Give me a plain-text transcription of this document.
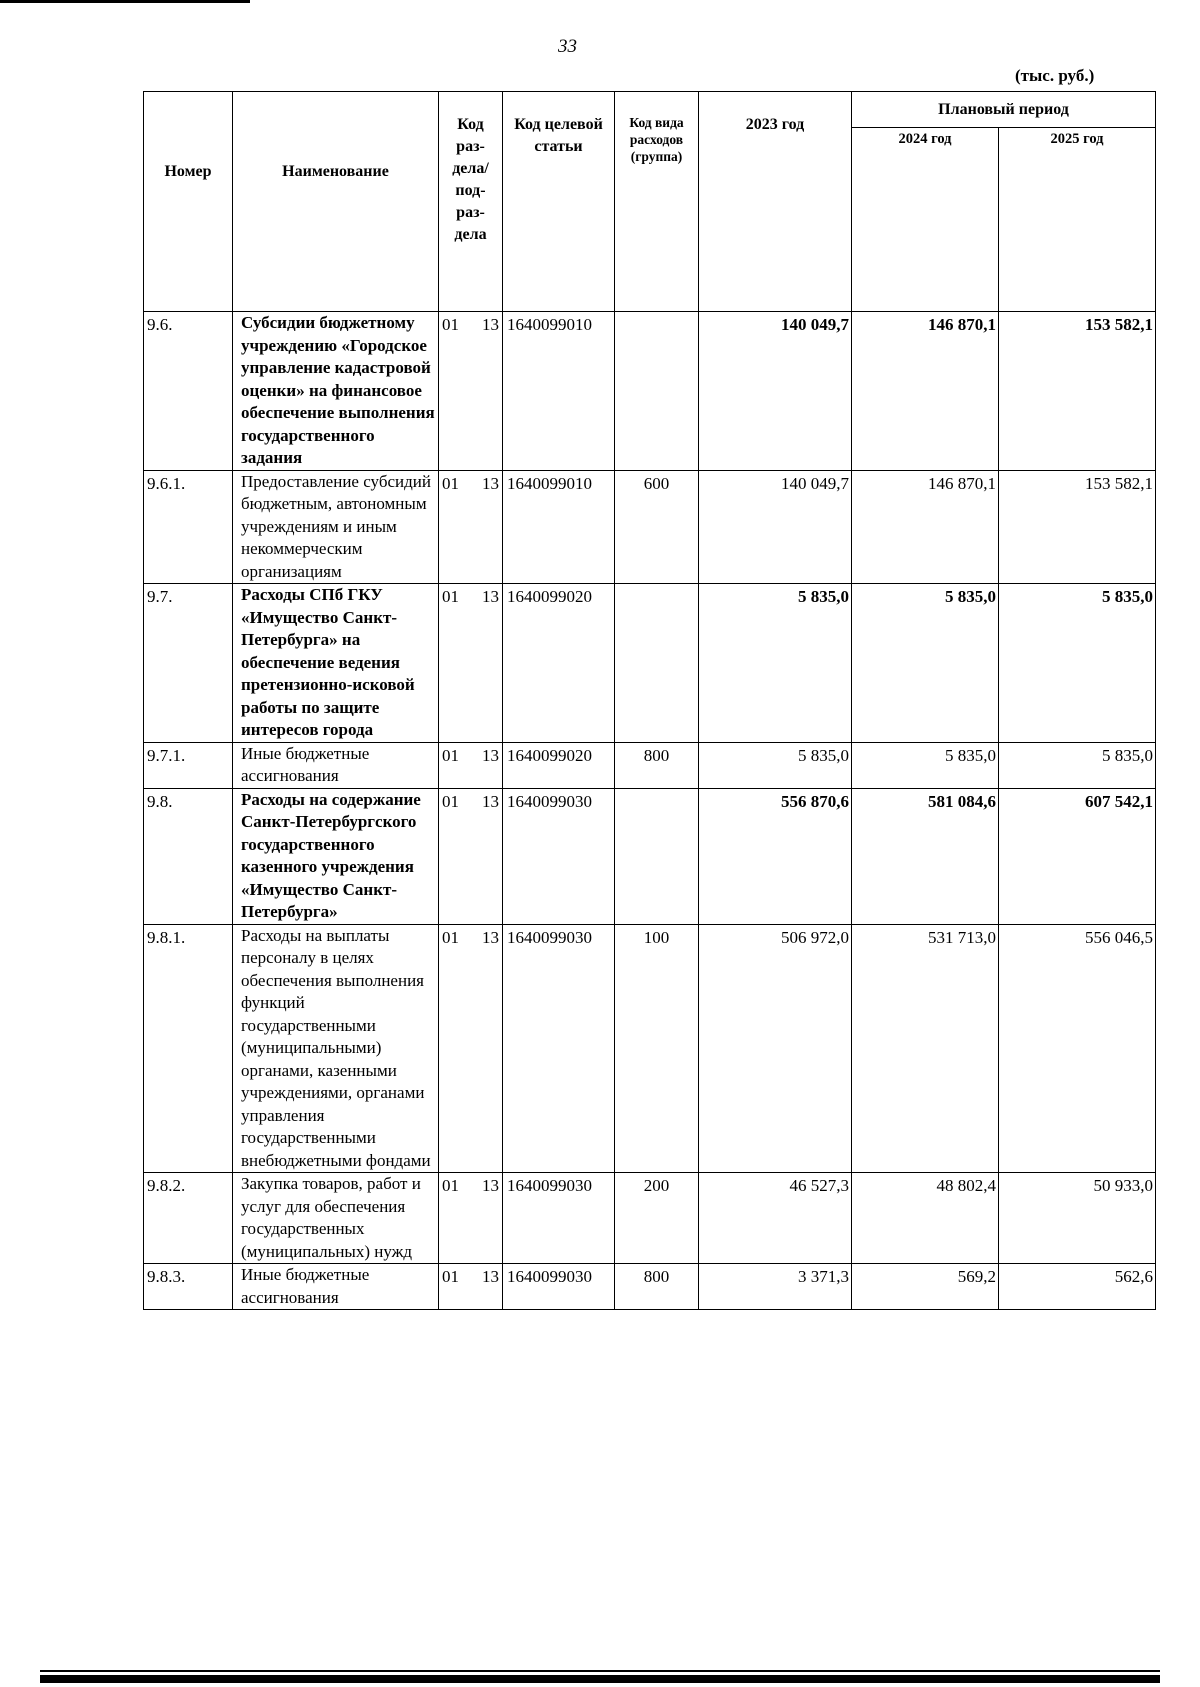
33
(тыс. руб.)
Номер	Наименование	Код раз-дела/ под-раз-дела	Код целевой статьи	Код вида расходов (группа)	2023 год	Плановый период	
						2024 год	2025 год
9.6.	Субсидии бюджетному учреждению «Городское управление кадастровой оценки» на финансовое обеспечение выполнения государственного задания	01 13	1640099010		140 049,7	146 870,1	153 582,1
9.6.1.	Предоставление субсидий бюджетным, автономным учреждениям и иным некоммерческим организациям	01 13	1640099010	600	140 049,7	146 870,1	153 582,1
9.7.	Расходы СПб ГКУ «Имущество Санкт-Петербурга» на обеспечение ведения претензионно-исковой работы по защите интересов города	01 13	1640099020		5 835,0	5 835,0	5 835,0
9.7.1.	Иные бюджетные ассигнования	01 13	1640099020	800	5 835,0	5 835,0	5 835,0
9.8.	Расходы на содержание Санкт-Петербургского государственного казенного учреждения «Имущество Санкт-Петербурга»	01 13	1640099030		556 870,6	581 084,6	607 542,1
9.8.1.	Расходы на выплаты персоналу в целях обеспечения выполнения функций государственными (муниципальными) органами, казенными учреждениями, органами управления государственными внебюджетными фондами	01 13	1640099030	100	506 972,0	531 713,0	556 046,5
9.8.2.	Закупка товаров, работ и услуг для обеспечения государственных (муниципальных) нужд	01 13	1640099030	200	46 527,3	48 802,4	50 933,0
9.8.3.	Иные бюджетные ассигнования	01 13	1640099030	800	3 371,3	569,2	562,6
